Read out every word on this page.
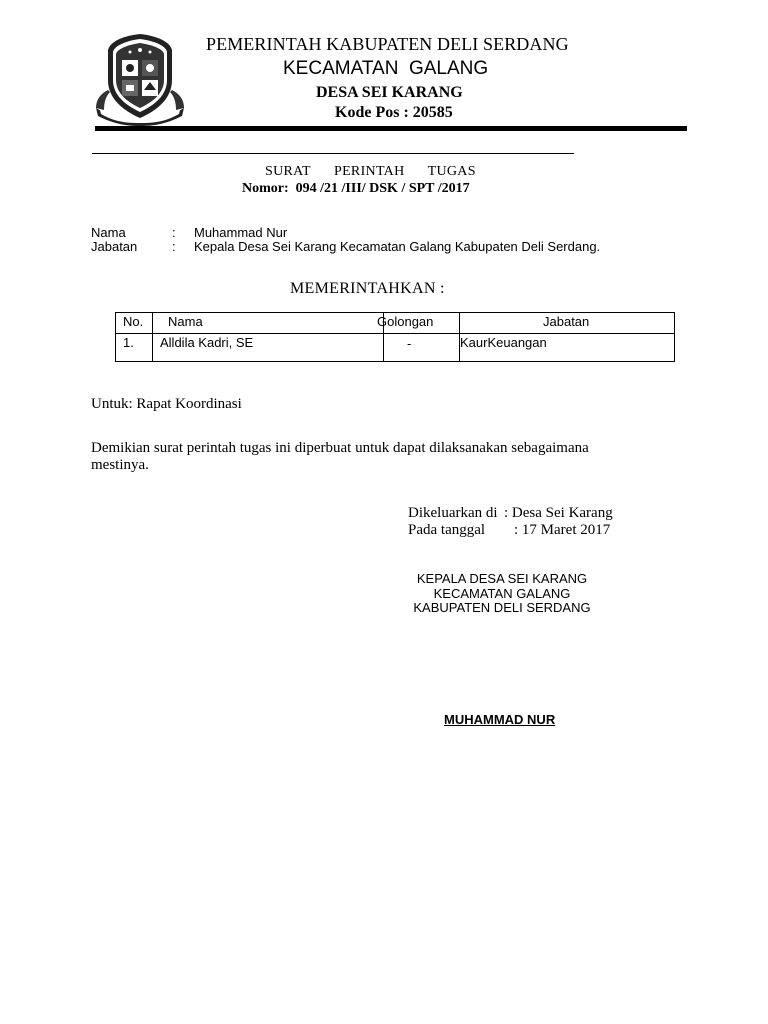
PEMERINTAH KABUPATEN DELI SERDANG
KECAMATAN  GALANG
DESA SEI KARANG
Kode Pos : 20585
SURAT   PERINTAH   TUGAS
Nomor:  094 /21 /III/ DSK / SPT /2017
Nama	: Muhammad Nur
Jabatan	: Kepala Desa Sei Karang Kecamatan Galang Kabupaten Deli Serdang.
MEMERINTAHKAN :
No. Nama	Golongan	Jabatan
1. Alldila Kadri, SE	-	KaurKeuangan
Untuk: Rapat Koordinasi
Demikian surat perintah tugas ini diperbuat untuk dapat dilaksanakan sebagaimana
mestinya.
Dikeluarkan di : Desa Sei Karang
Pada tanggal : 17 Maret 2017
KEPALA DESA SEI KARANG
KECAMATAN GALANG
KABUPATEN DELI SERDANG
MUHAMMAD NUR
